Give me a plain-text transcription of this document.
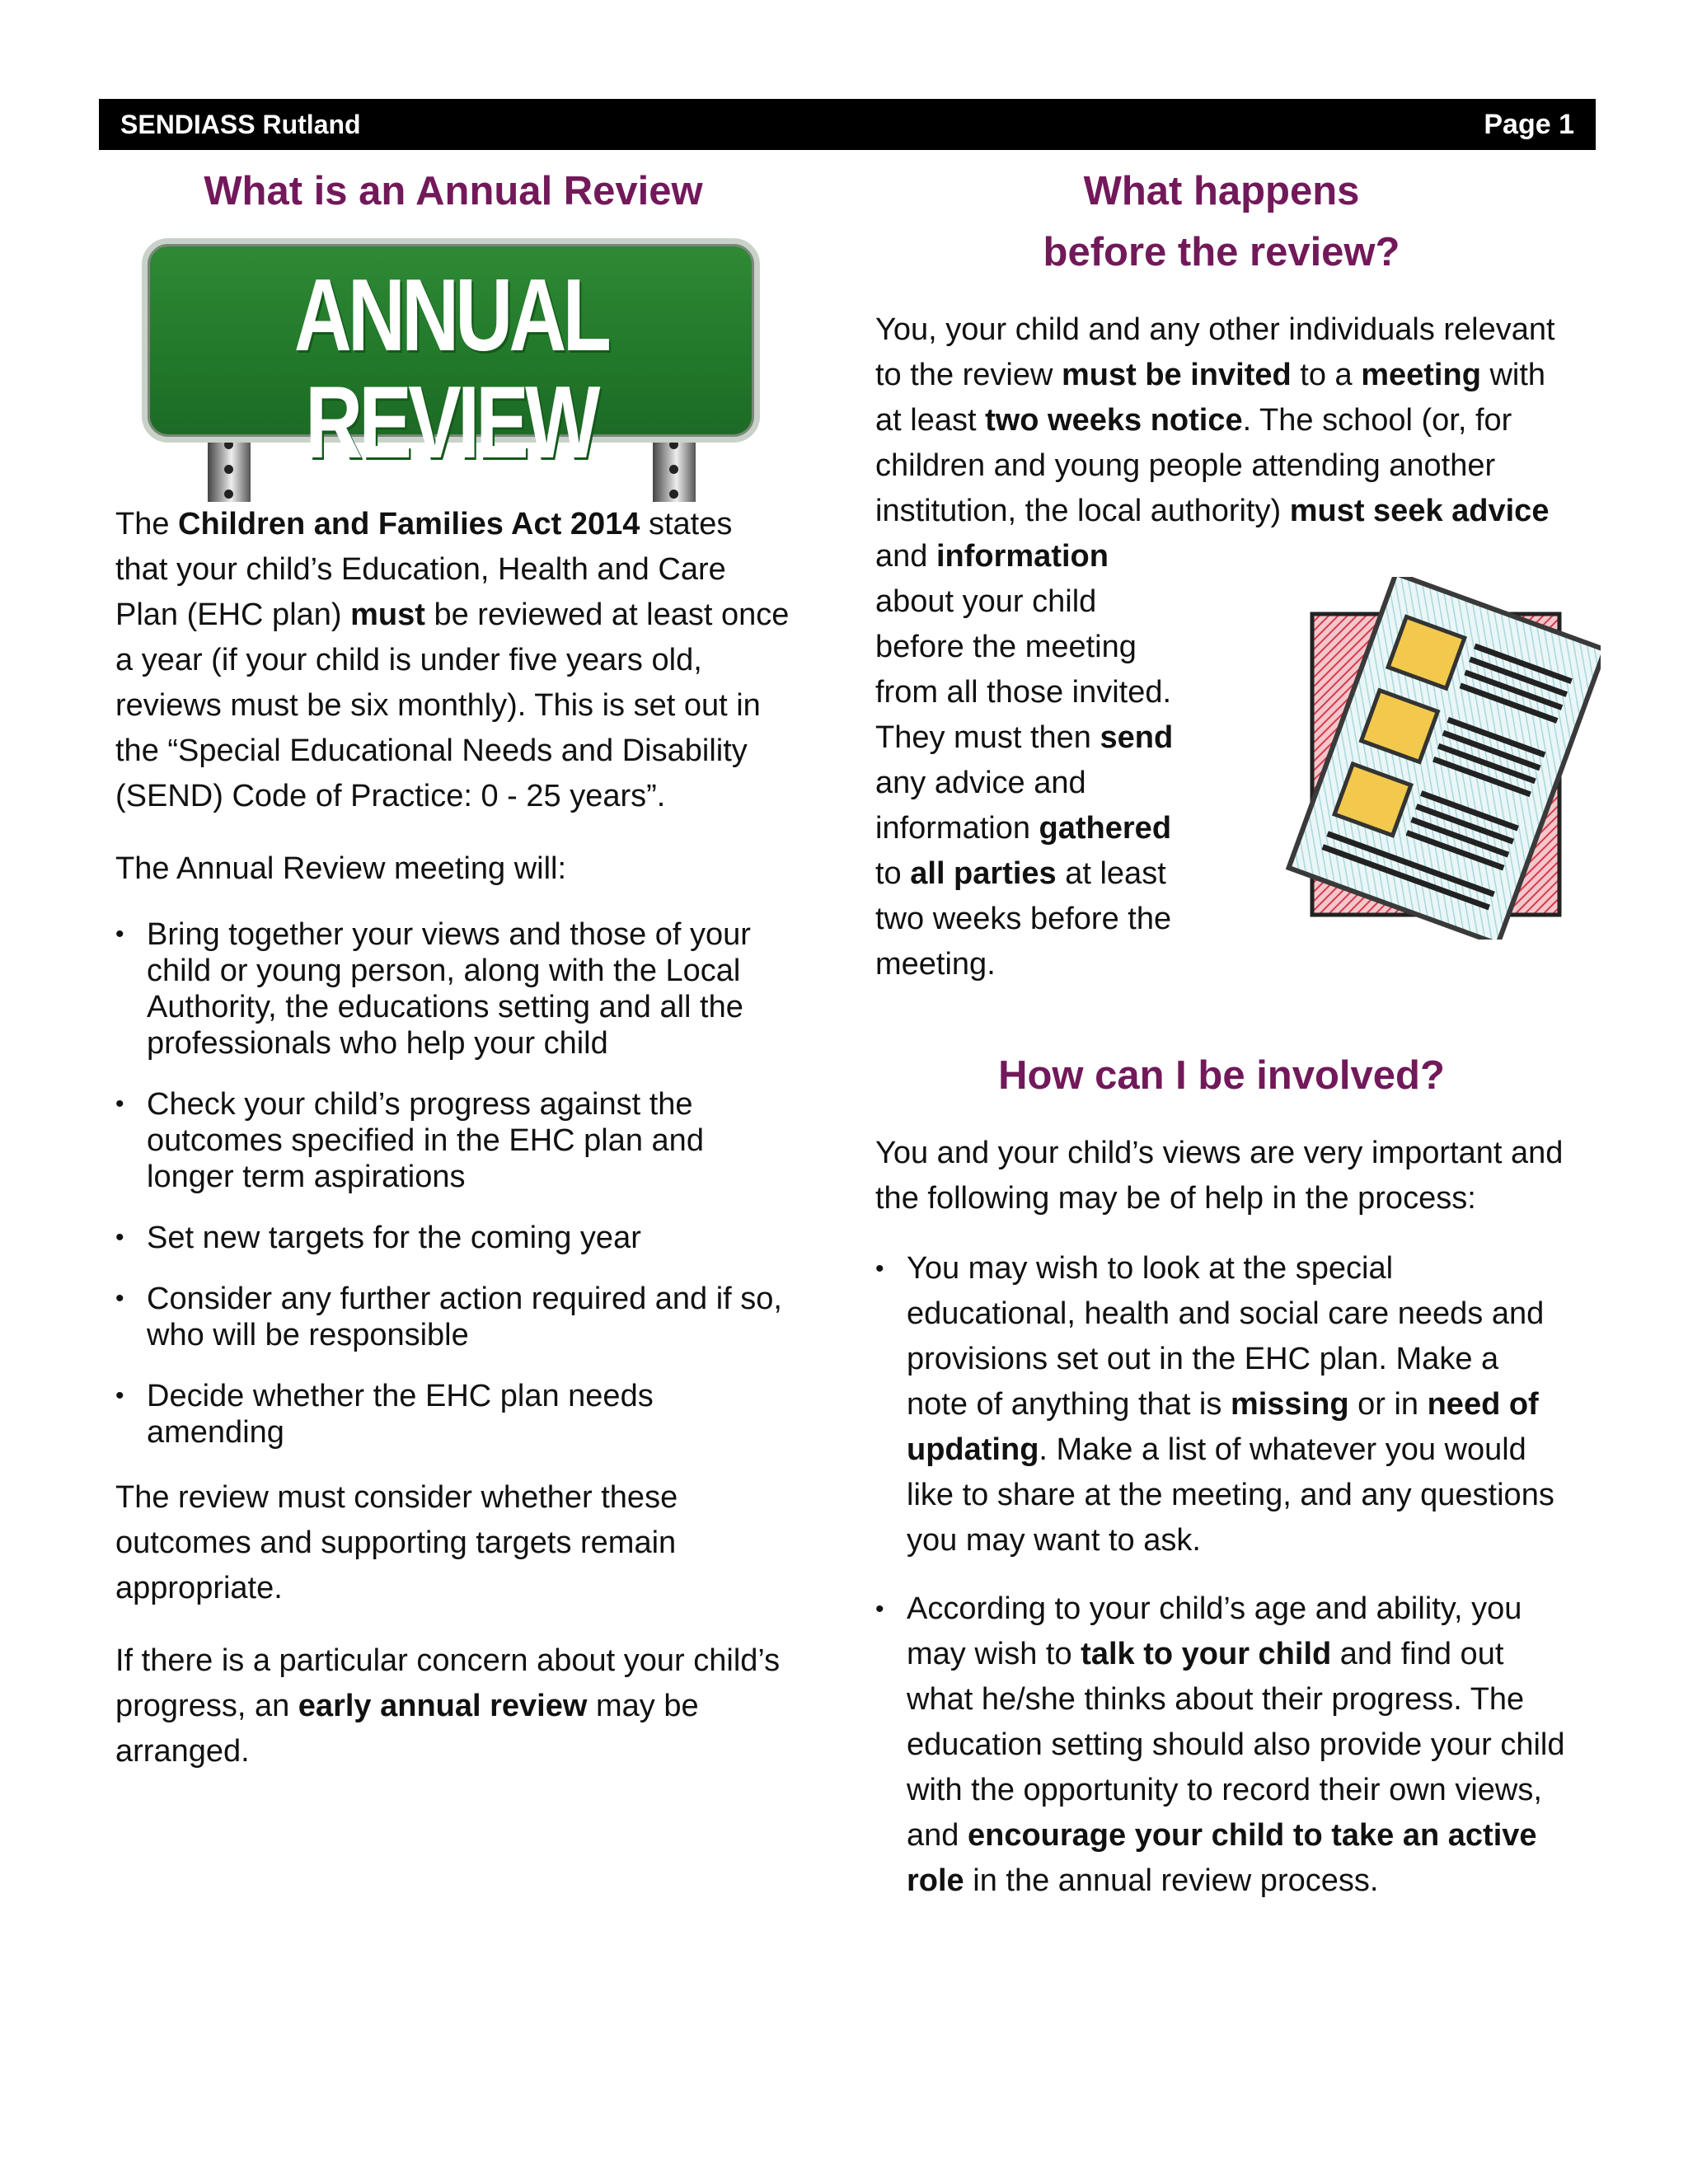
SENDIASS Rutland	Page 1
What is an Annual Review
ANNUAL REVIEW
JUST AHEAD

The Children and Families Act 2014 states that your child’s Education, Health and Care Plan (EHC plan) must be reviewed at least once a year (if your child is under five years old, reviews must be six monthly). This is set out in the “Special Educational Needs and Disability (SEND) Code of Practice: 0 - 25 years”.

The Annual Review meeting will:

• Bring together your views and those of your child or young person, along with the Local Authority, the educations setting and all the professionals who help your child
• Check your child’s progress against the outcomes specified in the EHC plan and longer term aspirations
• Set new targets for the coming year
• Consider any further action required and if so, who will be responsible
• Decide whether the EHC plan needs amending

The review must consider whether these outcomes and supporting targets remain appropriate.

If there is a particular concern about your child’s progress, an early annual review may be arranged.

What happens
before the review?

You, your child and any other individuals relevant to the review must be invited to a meeting with at least two weeks notice. The school (or, for children and young people attending another institution, the local authority) must seek advice and information
about your child
before the meeting
from all those invited.
They must then send
any advice and
information gathered
to all parties at least
two weeks before the
meeting.

How can I be involved?

You and your child’s views are very important and the following may be of help in the process:

• You may wish to look at the special educational, health and social care needs and provisions set out in the EHC plan. Make a note of anything that is missing or in need of updating. Make a list of whatever you would like to share at the meeting, and any questions you may want to ask.
• According to your child’s age and ability, you may wish to talk to your child and find out what he/she thinks about their progress. The education setting should also provide your child with the opportunity to record their own views, and encourage your child to take an active role in the annual review process.
